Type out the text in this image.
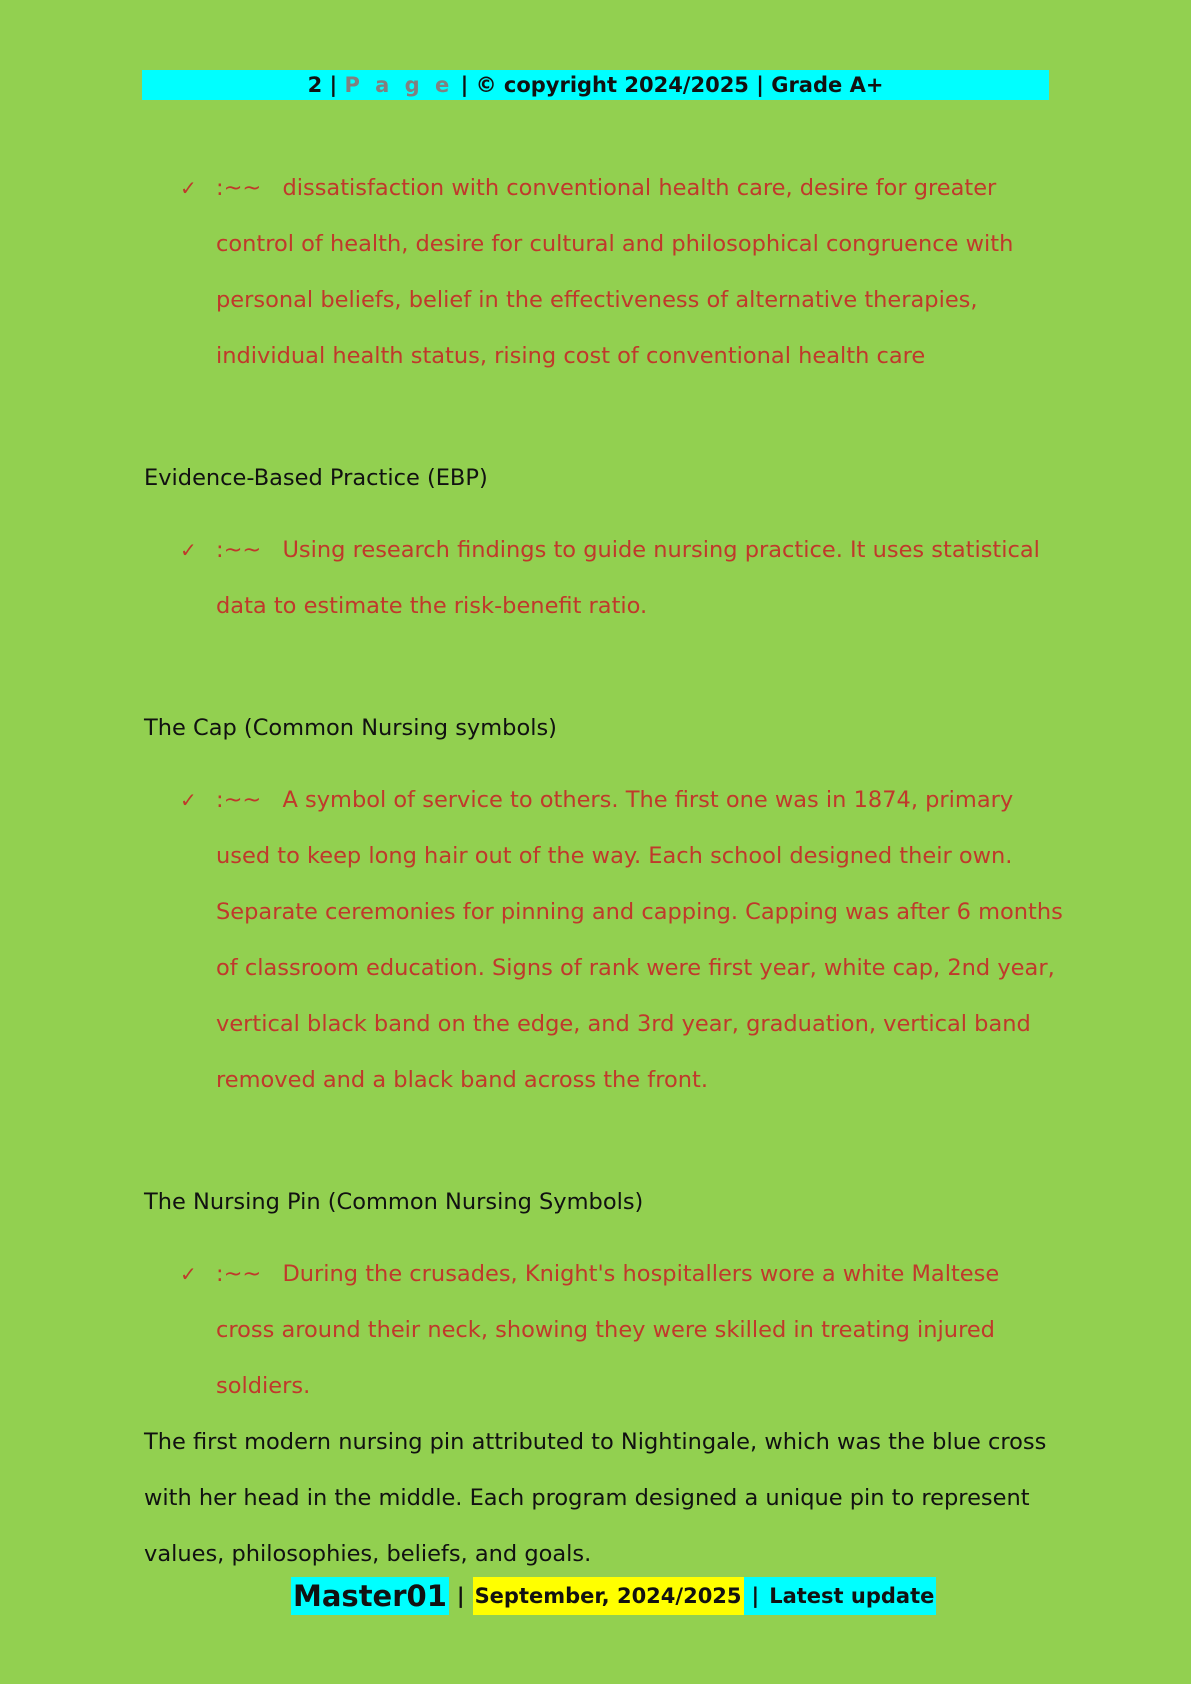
2 | P a g e | © copyright 2024/2025 | Grade A+
✓ :~~ dissatisfaction with conventional health care, desire for greater control of health, desire for cultural and philosophical congruence with personal beliefs, belief in the effectiveness of alternative therapies, individual health status, rising cost of conventional health care
Evidence-Based Practice (EBP)
✓ :~~ Using research findings to guide nursing practice. It uses statistical data to estimate the risk-benefit ratio.
The Cap (Common Nursing symbols)
✓ :~~ A symbol of service to others. The first one was in 1874, primary used to keep long hair out of the way. Each school designed their own. Separate ceremonies for pinning and capping. Capping was after 6 months of classroom education. Signs of rank were first year, white cap, 2nd year, vertical black band on the edge, and 3rd year, graduation, vertical band removed and a black band across the front.
The Nursing Pin (Common Nursing Symbols)
✓ :~~ During the crusades, Knight's hospitallers wore a white Maltese cross around their neck, showing they were skilled in treating injured soldiers.
The first modern nursing pin attributed to Nightingale, which was the blue cross with her head in the middle. Each program designed a unique pin to represent values, philosophies, beliefs, and goals.
Master01 | September, 2024/2025 | Latest update
